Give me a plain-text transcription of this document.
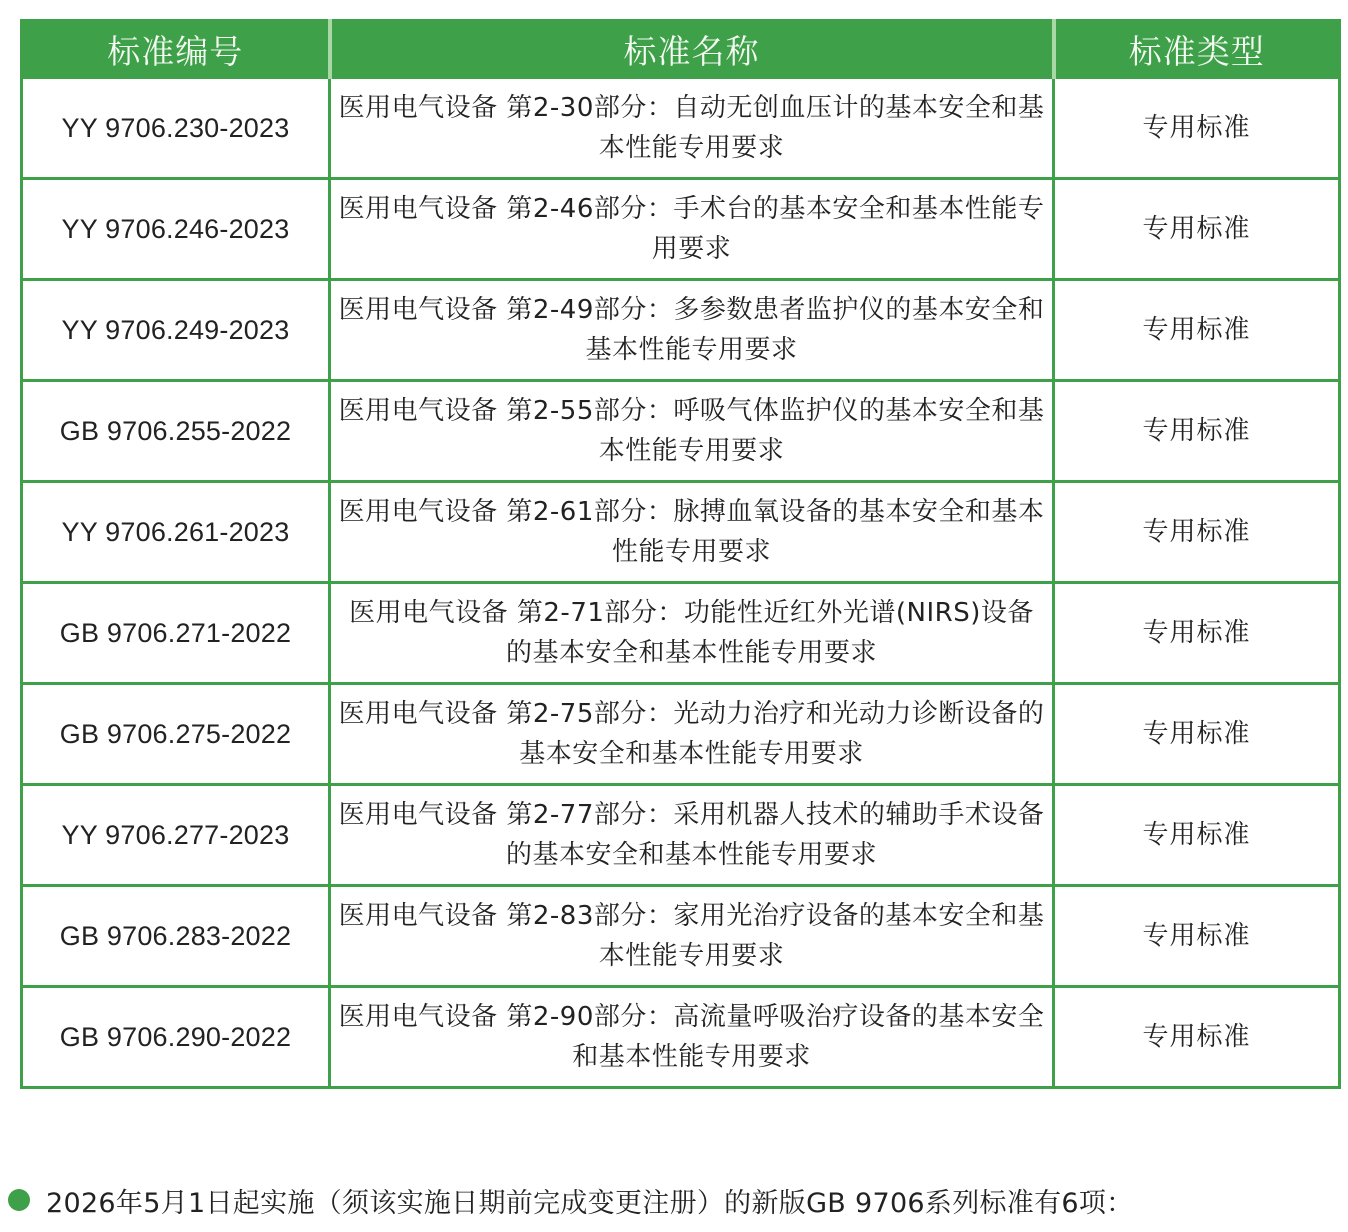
标准编号	标准名称	标准类型
YY 9706.230-2023	医用电气设备 第2-30部分：自动无创血压计的基本安全和基本性能专用要求	专用标准
YY 9706.246-2023	医用电气设备 第2-46部分：手术台的基本安全和基本性能专用要求	专用标准
YY 9706.249-2023	医用电气设备 第2-49部分：多参数患者监护仪的基本安全和基本性能专用要求	专用标准
GB 9706.255-2022	医用电气设备 第2-55部分：呼吸气体监护仪的基本安全和基本性能专用要求	专用标准
YY 9706.261-2023	医用电气设备 第2-61部分：脉搏血氧设备的基本安全和基本性能专用要求	专用标准
GB 9706.271-2022	医用电气设备 第2-71部分：功能性近红外光谱(NIRS)设备的基本安全和基本性能专用要求	专用标准
GB 9706.275-2022	医用电气设备 第2-75部分：光动力治疗和光动力诊断设备的基本安全和基本性能专用要求	专用标准
YY 9706.277-2023	医用电气设备 第2-77部分：采用机器人技术的辅助手术设备的基本安全和基本性能专用要求	专用标准
GB 9706.283-2022	医用电气设备 第2-83部分：家用光治疗设备的基本安全和基本性能专用要求	专用标准
GB 9706.290-2022	医用电气设备 第2-90部分：高流量呼吸治疗设备的基本安全和基本性能专用要求	专用标准
2026年5月1日起实施（须该实施日期前完成变更注册）的新版GB 9706系列标准有6项：
